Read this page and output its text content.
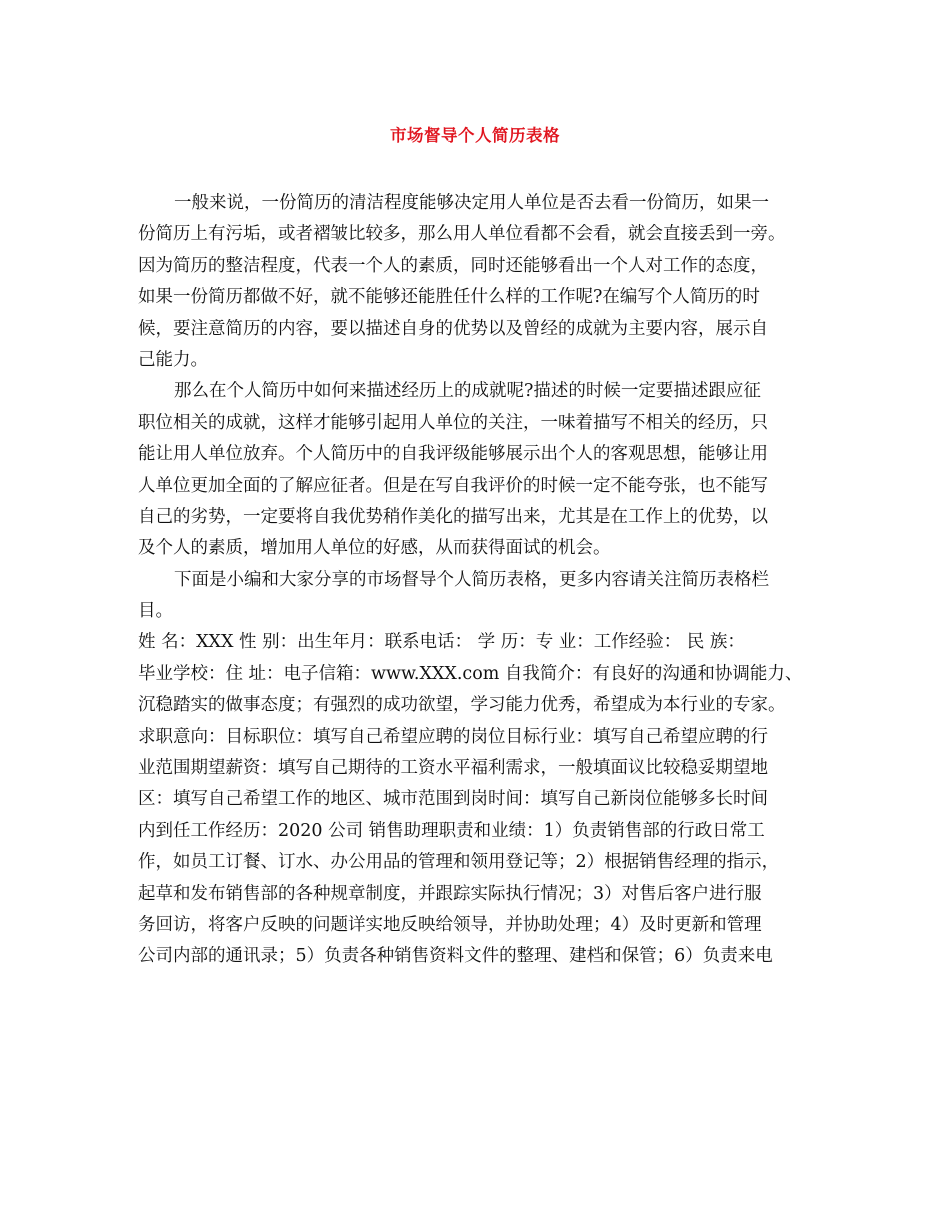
市场督导个人简历表格
一般来说，一份简历的清洁程度能够决定用人单位是否去看一份简历，如果一
份简历上有污垢，或者褶皱比较多，那么用人单位看都不会看，就会直接丢到一旁。
因为简历的整洁程度，代表一个人的素质，同时还能够看出一个人对工作的态度，
如果一份简历都做不好，就不能够还能胜任什么样的工作呢?在编写个人简历的时
候，要注意简历的内容，要以描述自身的优势以及曾经的成就为主要内容，展示自
己能力。
那么在个人简历中如何来描述经历上的成就呢?描述的时候一定要描述跟应征
职位相关的成就，这样才能够引起用人单位的关注，一味着描写不相关的经历，只
能让用人单位放弃。个人简历中的自我评级能够展示出个人的客观思想，能够让用
人单位更加全面的了解应征者。但是在写自我评价的时候一定不能夸张，也不能写
自己的劣势，一定要将自我优势稍作美化的描写出来，尤其是在工作上的优势，以
及个人的素质，增加用人单位的好感，从而获得面试的机会。
下面是小编和大家分享的市场督导个人简历表格，更多内容请关注简历表格栏
目。
姓 名：XXX 性 别：出生年月：联系电话： 学 历：专 业：工作经验： 民 族：
毕业学校：住 址：电子信箱：www.XXX.com 自我简介：有良好的沟通和协调能力、
沉稳踏实的做事态度；有强烈的成功欲望，学习能力优秀，希望成为本行业的专家。
求职意向：目标职位：填写自己希望应聘的岗位目标行业：填写自己希望应聘的行
业范围期望薪资：填写自己期待的工资水平福利需求，一般填面议比较稳妥期望地
区：填写自己希望工作的地区、城市范围到岗时间：填写自己新岗位能够多长时间
内到任工作经历：2020 公司 销售助理职责和业绩：1）负责销售部的行政日常工
作，如员工订餐、订水、办公用品的管理和领用登记等；2）根据销售经理的指示，
起草和发布销售部的各种规章制度，并跟踪实际执行情况；3）对售后客户进行服
务回访，将客户反映的问题详实地反映给领导，并协助处理；4）及时更新和管理
公司内部的通讯录；5）负责各种销售资料文件的整理、建档和保管；6）负责来电
